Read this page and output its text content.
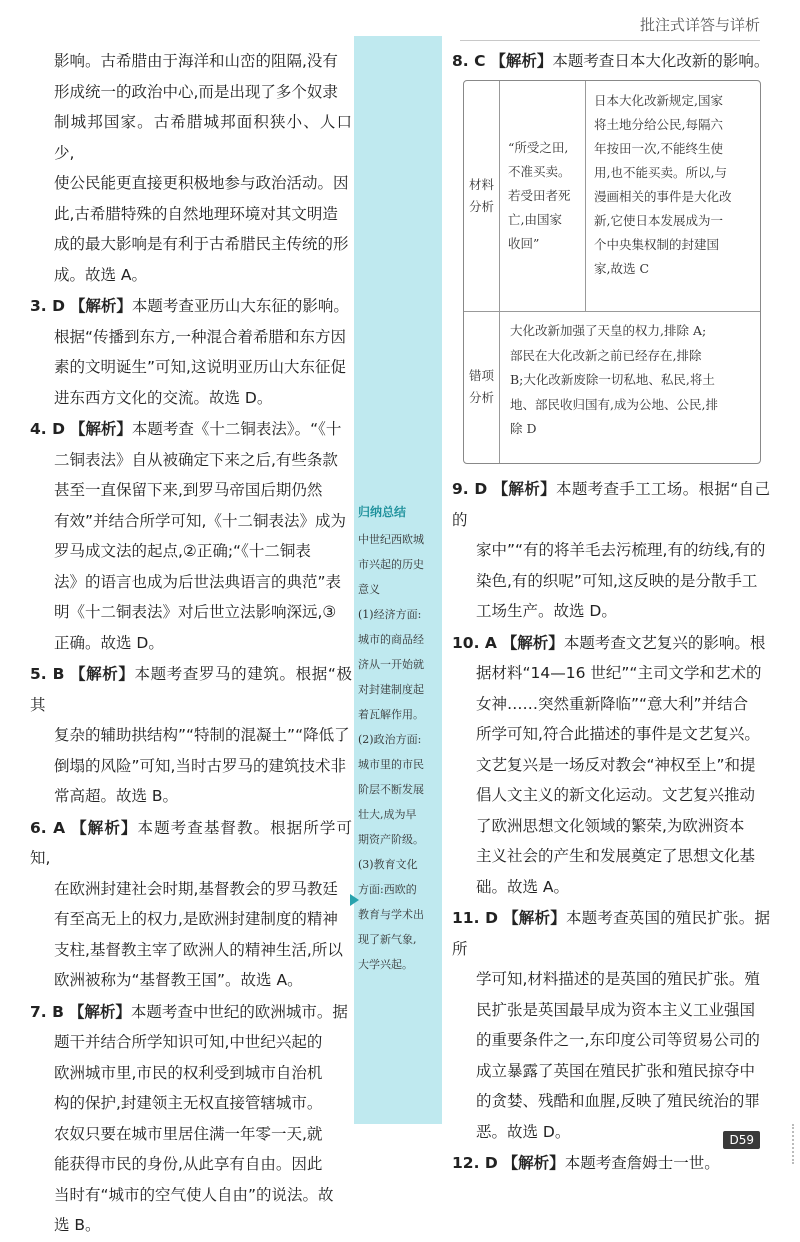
批注式详答与详析
影响。古希腊由于海洋和山峦的阻隔,没有
形成统一的政治中心,而是出现了多个奴隶
制城邦国家。古希腊城邦面积狭小、人口少,
使公民能更直接更积极地参与政治活动。因
此,古希腊特殊的自然地理环境对其文明造
成的最大影响是有利于古希腊民主传统的形
成。故选 A。
3. D 【解析】本题考查亚历山大东征的影响。
根据“传播到东方,一种混合着希腊和东方因
素的文明诞生”可知,这说明亚历山大东征促
进东西方文化的交流。故选 D。
4. D 【解析】本题考查《十二铜表法》。“《十
二铜表法》自从被确定下来之后,有些条款
甚至一直保留下来,到罗马帝国后期仍然
有效”并结合所学可知,《十二铜表法》成为
罗马成文法的起点,②正确;“《十二铜表
法》的语言也成为后世法典语言的典范”表
明《十二铜表法》对后世立法影响深远,③
正确。故选 D。
5. B 【解析】本题考查罗马的建筑。根据“极其
复杂的辅助拱结构”“特制的混凝土”“降低了
倒塌的风险”可知,当时古罗马的建筑技术非
常高超。故选 B。
6. A 【解析】本题考查基督教。根据所学可知,
在欧洲封建社会时期,基督教会的罗马教廷
有至高无上的权力,是欧洲封建制度的精神
支柱,基督教主宰了欧洲人的精神生活,所以
欧洲被称为“基督教王国”。故选 A。
7. B 【解析】本题考查中世纪的欧洲城市。据
题干并结合所学知识可知,中世纪兴起的
欧洲城市里,市民的权利受到城市自治机
构的保护,封建领主无权直接管辖城市。
农奴只要在城市里居住满一年零一天,就
能获得市民的身份,从此享有自由。因此
当时有“城市的空气使人自由”的说法。故
选 B。
归纳总结
中世纪西欧城
市兴起的历史
意义
(1)经济方面:
城市的商品经
济从一开始就
对封建制度起
着瓦解作用。
(2)政治方面:
城市里的市民
阶层不断发展
壮大,成为早
期资产阶级。
(3)教育文化
方面:西欧的
教育与学术出
现了新气象,
大学兴起。
8. C 【解析】本题考查日本大化改新的影响。
材料
分析
“所受之田,
不准买卖。
若受田者死
亡,由国家
收回”
日本大化改新规定,国家
将土地分给公民,每隔六
年按田一次,不能终生使
用,也不能买卖。所以,与
漫画相关的事件是大化改
新,它使日本发展成为一
个中央集权制的封建国
家,故选 C
错项
分析
大化改新加强了天皇的权力,排除 A;
部民在大化改新之前已经存在,排除
B;大化改新废除一切私地、私民,将土
地、部民收归国有,成为公地、公民,排
除 D
9. D 【解析】本题考查手工工场。根据“自己的
家中”“有的将羊毛去污梳理,有的纺线,有的
染色,有的织呢”可知,这反映的是分散手工
工场生产。故选 D。
10. A 【解析】本题考查文艺复兴的影响。根
据材料“14—16 世纪”“主司文学和艺术的
女神……突然重新降临”“意大利”并结合
所学可知,符合此描述的事件是文艺复兴。
文艺复兴是一场反对教会“神权至上”和提
倡人文主义的新文化运动。文艺复兴推动
了欧洲思想文化领域的繁荣,为欧洲资本
主义社会的产生和发展奠定了思想文化基
础。故选 A。
11. D 【解析】本题考查英国的殖民扩张。据所
学可知,材料描述的是英国的殖民扩张。殖
民扩张是英国最早成为资本主义工业强国
的重要条件之一,东印度公司等贸易公司的
成立暴露了英国在殖民扩张和殖民掠夺中
的贪婪、残酷和血腥,反映了殖民统治的罪
恶。故选 D。
12. D 【解析】本题考查詹姆士一世。
D59
